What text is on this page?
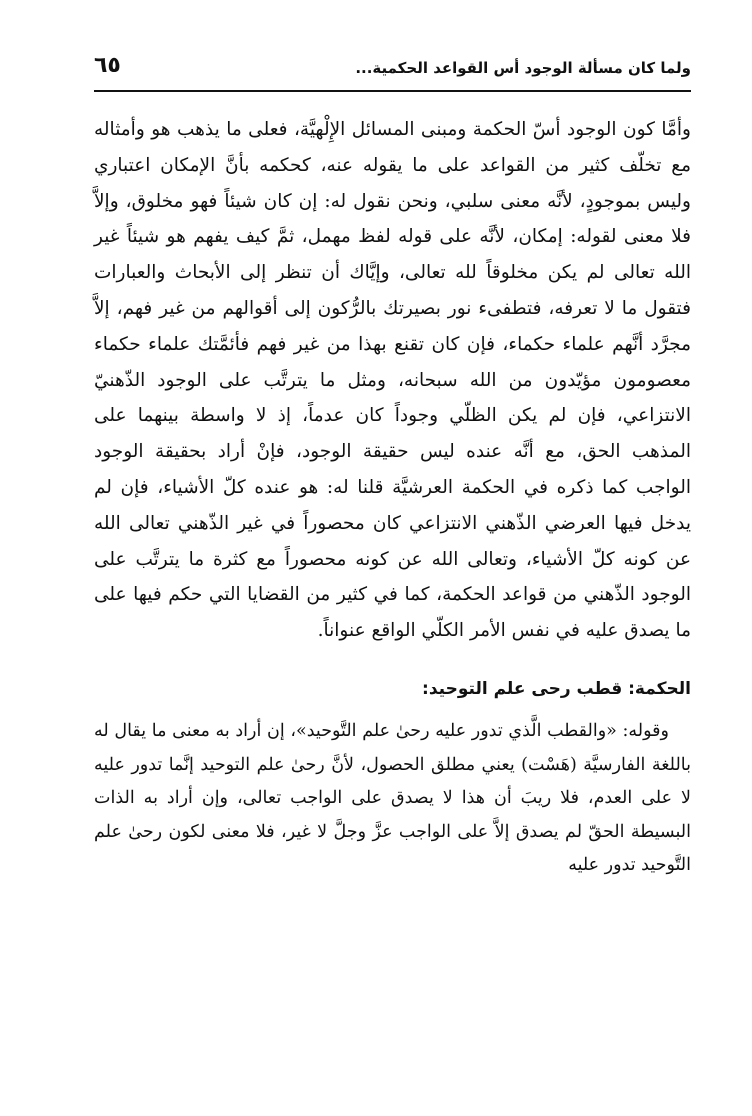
ولما كان مسألة الوجود أس القواعد الحكمية...
٦٥

وأمَّا كون الوجود أسّ الحكمة ومبنى المسائل الإِلْهيَّة، فعلى ما يذهب هو وأمثاله مع تخلّف كثير من القواعد على ما يقوله عنه، كحكمه بأنَّ الإمكان اعتباري وليس بموجودٍ، لأنَّه معنى سلبي، ونحن نقول له: إن كان شيئاً فهو مخلوق، وإلاَّ فلا معنى لقوله: إمكان، لأنَّه على قوله لفظ مهمل، ثمَّ كيف يفهم هو شيئاً غير الله تعالى لم يكن مخلوقاً لله تعالى، وإيَّاك أن تنظر إلى الأبحاث والعبارات فتقول ما لا تعرفه، فتطفىء نور بصيرتك بالرُّكون إلى أقوالهم من غير فهم، إلاَّ مجرَّد أنَّهم علماء حكماء، فإن كان تقنع بهذا من غير فهم فأئمَّتك علماء حكماء معصومون مؤيّدون من الله سبحانه، ومثل ما يترتَّب على الوجود الذّهنيّ الانتزاعي، فإن لم يكن الظلّي وجوداً كان عدماً، إذ لا واسطة بينهما على المذهب الحق، مع أنَّه عنده ليس حقيقة الوجود، فإنْ أراد بحقيقة الوجود الواجب كما ذكره في الحكمة العرشيَّة قلنا له: هو عنده كلّ الأشياء، فإن لم يدخل فيها العرضي الذّهني الانتزاعي كان محصوراً في غير الذّهني تعالى الله عن كونه كلّ الأشياء، وتعالى الله عن كونه محصوراً مع كثرة ما يترتَّب على الوجود الذّهني من قواعد الحكمة، كما في كثير من القضايا التي حكم فيها على ما يصدق عليه في نفس الأمر الكلّي الواقع عنواناً.

الحكمة: قطب رحى علم التوحيد:

وقوله: «والقطب الَّذي تدور عليه رحىٰ علم التَّوحيد»، إن أراد به معنى ما يقال له باللغة الفارسيَّة (هَسْت) يعني مطلق الحصول، لأنَّ رحىٰ علم التوحيد إنَّما تدور عليه لا على العدم، فلا ريبَ أن هذا لا يصدق على الواجب تعالى، وإن أراد به الذات البسيطة الحقّ لم يصدق إلاَّ على الواجب عزَّ وجلَّ لا غير، فلا معنى لكون رحىٰ علم التَّوحيد تدور عليه
